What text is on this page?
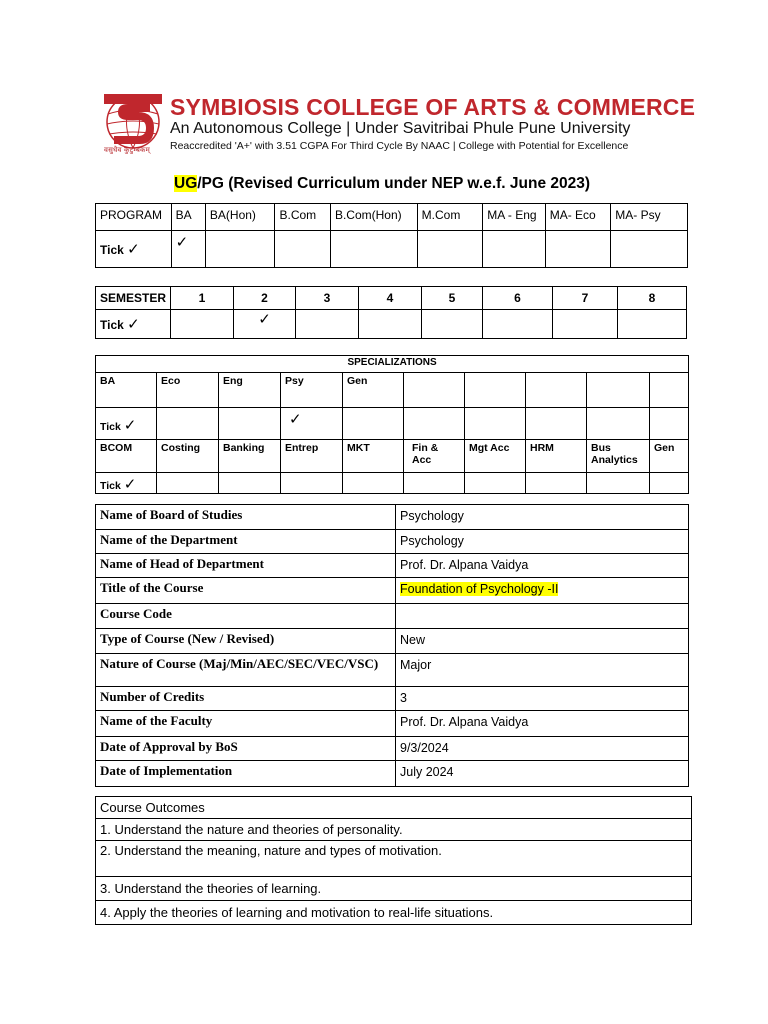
वसुधैव कुटुम्बकम्
SYMBIOSIS COLLEGE OF ARTS & COMMERCE
An Autonomous College | Under Savitribai Phule Pune University
Reaccredited 'A+' with 3.51 CGPA For Third Cycle By NAAC | College with Potential for Excellence
UG/PG (Revised Curriculum under NEP w.e.f. June 2023)
PROGRAM	BA	BA(Hon)	B.Com	B.Com(Hon)	M.Com	MA - Eng	MA- Eco	MA- Psy
Tick ✓	✓							
SEMESTER	1	2	3	4	5	6	7	8
Tick ✓		✓						
SPECIALIZATIONS									
BA	Eco	Eng	Psy	Gen					
Tick ✓			✓						
BCOM	Costing	Banking	Entrep	MKT	Fin & Acc	Mgt Acc	HRM	Bus Analytics	Gen
Tick ✓									
Name of Board of Studies	Psychology
Name of the Department	Psychology
Name of Head of Department	Prof. Dr. Alpana Vaidya
Title of the Course	Foundation of Psychology -II
Course Code	
Type of Course (New / Revised)	New
Nature of Course (Maj/Min/AEC/SEC/VEC/VSC)	Major
Number of Credits	3
Name of the Faculty	Prof. Dr. Alpana Vaidya
Date of Approval by BoS	9/3/2024
Date of Implementation	July 2024
Course Outcomes
1. Understand the nature and theories of personality.
2. Understand the meaning, nature and types of motivation.
3. Understand the theories of learning.
4. Apply the theories of learning and motivation to real-life situations.
